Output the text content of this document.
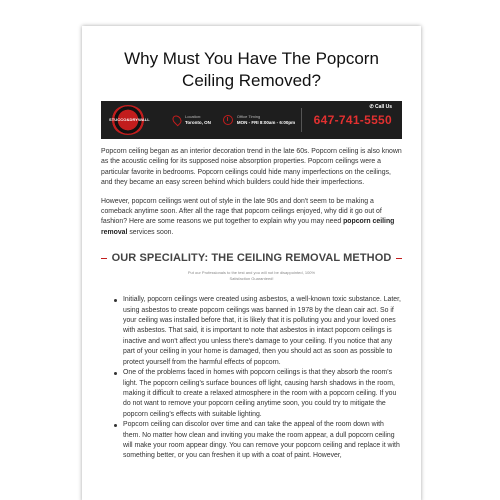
Why Must You Have The Popcorn Ceiling Removed?
STUCCO&DRYWALL
Location:
Toronto, ON
Office Timing
MON - FRI 8:00am - 6:00pm
✆ Call Us
647-741-5550

Popcorn ceiling began as an interior decoration trend in the late 60s. Popcorn ceiling is also known as the acoustic ceiling for its supposed noise absorption properties. Popcorn ceilings were a particular favorite in bedrooms. Popcorn ceilings could hide many imperfections on the ceilings, and they became an easy screen behind which builders could hide their imperfections.

However, popcorn ceilings went out of style in the late 90s and don't seem to be making a comeback anytime soon. After all the rage that popcorn ceilings enjoyed, why did it go out of fashion? Here are some reasons we put together to explain why you may need popcorn ceiling removal services soon.

OUR SPECIALITY: THE CEILING REMOVAL METHOD
Put our Professionals to the test and you will not be disappointed, 100%
Satisfaction Guaranteed!
Initially, popcorn ceilings were created using asbestos, a well-known toxic substance. Later, using asbestos to create popcorn ceilings was banned in 1978 by the clean cair act. So if your ceiling was installed before that, it is likely that it is polluting you and your loved ones with asbestos. That said, it is important to note that asbestos in intact popcorn ceilings is inactive and won't affect you unless there's damage to your ceiling. If you notice that any part of your ceiling in your home is damaged, then you should act as soon as possible to protect yourself from the harmful effects of popcorn.
One of the problems faced in homes with popcorn ceilings is that they absorb the room's light. The popcorn ceiling's surface bounces off light, causing harsh shadows in the room, making it difficult to create a relaxed atmosphere in the room with a popcorn ceiling. If you do not want to remove your popcorn ceiling anytime soon, you could try to mitigate the popcorn ceiling's effects with suitable lighting.
Popcorn ceiling can discolor over time and can take the appeal of the room down with them. No matter how clean and inviting you make the room appear, a dull popcorn ceiling will make your room appear dingy. You can remove your popcorn ceiling and replace it with something better, or you can freshen it up with a coat of paint. However,
